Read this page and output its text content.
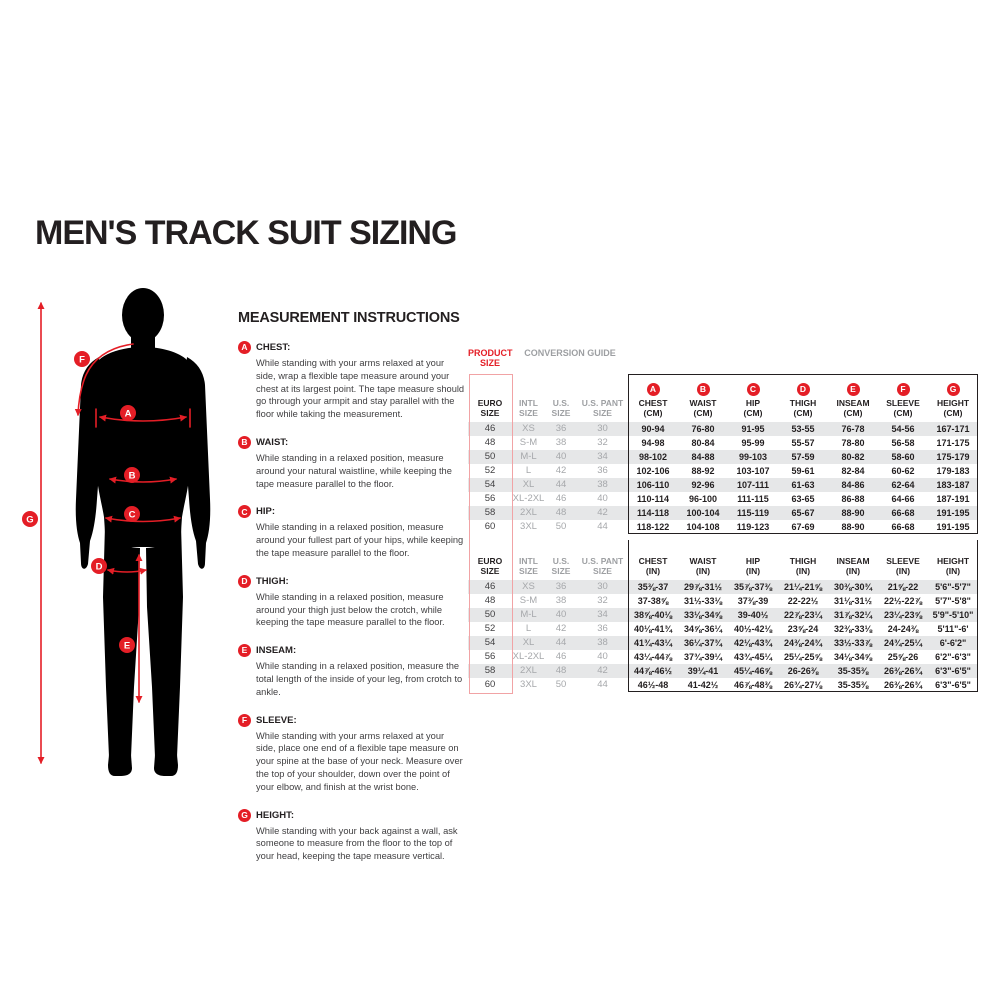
MEN'S TRACK SUIT SIZING
A
B
C
D
E
F
G
MEASUREMENT INSTRUCTIONS
A CHEST:
While standing with your arms relaxed at your side, wrap a flexible tape measure around your chest at its largest point. The tape measure should go through your armpit and stay parallel with the floor while taking the measurement.
B WAIST:
While standing in a relaxed position, measure around your natural waistline, while keeping the tape measure parallel to the floor.
C HIP:
While standing in a relaxed position, measure around your fullest part of your hips, while keeping the tape measure parallel to the floor.
D THIGH:
While standing in a relaxed position, measure around your thigh just below the crotch, while keeping the tape measure parallel to the floor.
E INSEAM:
While standing in a relaxed position, measure the total length of the inside of your leg, from crotch to ankle.
F SLEEVE:
While standing with your arms relaxed at your side, place one end of a flexible tape measure on your spine at the base of your neck. Measure over the top of your shoulder, down over the point of your elbow, and finish at the wrist bone.
G HEIGHT:
While standing with your back against a wall, ask someone to measure from the floor to the top of your head, keeping the tape measure vertical.
PRODUCT SIZE
CONVERSION GUIDE
EURO SIZE
INTL SIZE
U.S. SIZE
U.S. PANT SIZE
A
CHEST
(CM)
B
WAIST
(CM)
C
HIP
(CM)
D
THIGH
(CM)
E
INSEAM
(CM)
F
SLEEVE
(CM)
G
HEIGHT
(CM)
46	XS	36	30	90-94	76-80	91-95	53-55	76-78	54-56	167-171
48	S-M	38	32	94-98	80-84	95-99	55-57	78-80	56-58	171-175
50	M-L	40	34	98-102	84-88	99-103	57-59	80-82	58-60	175-179
52	L	42	36	102-106	88-92	103-107	59-61	82-84	60-62	179-183
54	XL	44	38	106-110	92-96	107-111	61-63	84-86	62-64	183-187
56	XL-2XL	46	40	110-114	96-100	111-115	63-65	86-88	64-66	187-191
58	2XL	48	42	114-118	100-104	115-119	65-67	88-90	66-68	191-195
60	3XL	50	44	118-122	104-108	119-123	67-69	88-90	66-68	191-195
EURO SIZE
INTL SIZE
U.S. SIZE
U.S. PANT SIZE
CHEST
(IN)
WAIST
(IN)
HIP
(IN)
THIGH
(IN)
INSEAM
(IN)
SLEEVE
(IN)
HEIGHT
(IN)
46	XS	36	30	35⅜-37	29⅞-31½	35⅞-37⅜	21¼-21⅝	30⅜-30¾	21⅝-22	5'6"-5'7"
48	S-M	38	32	37-38⅝	31½-33⅛	37⅜-39	22-22½	31⅛-31½	22½-22⅞	5'7"-5'8"
50	M-L	40	34	38⅝-40⅛	33⅛-34⅝	39-40½	22⅞-23¼	31⅞-32¼	23¼-23⅝	5'9"-5'10"
52	L	42	36	40⅛-41¾	34⅝-36¼	40½-42⅛	23⅝-24	32⅜-33⅛	24-24⅜	5'11"-6'
54	XL	44	38	41¾-43¼	36¼-37¾	42⅛-43¾	24⅜-24¾	33½-33⅞	24¾-25¼	6'-6'2"
56	XL-2XL	46	40	43¼-44⅞	37¾-39¼	43¾-45¼	25¼-25⅝	34⅛-34⅝	25⅝-26	6'2"-6'3"
58	2XL	48	42	44⅞-46½	39¼-41	45¼-46⅝	26-26⅜	35-35⅜	26⅜-26¾	6'3"-6'5"
60	3XL	50	44	46½-48	41-42½	46⅞-48⅜	26¾-27⅛	35-35⅜	26⅜-26¾	6'3"-6'5"
